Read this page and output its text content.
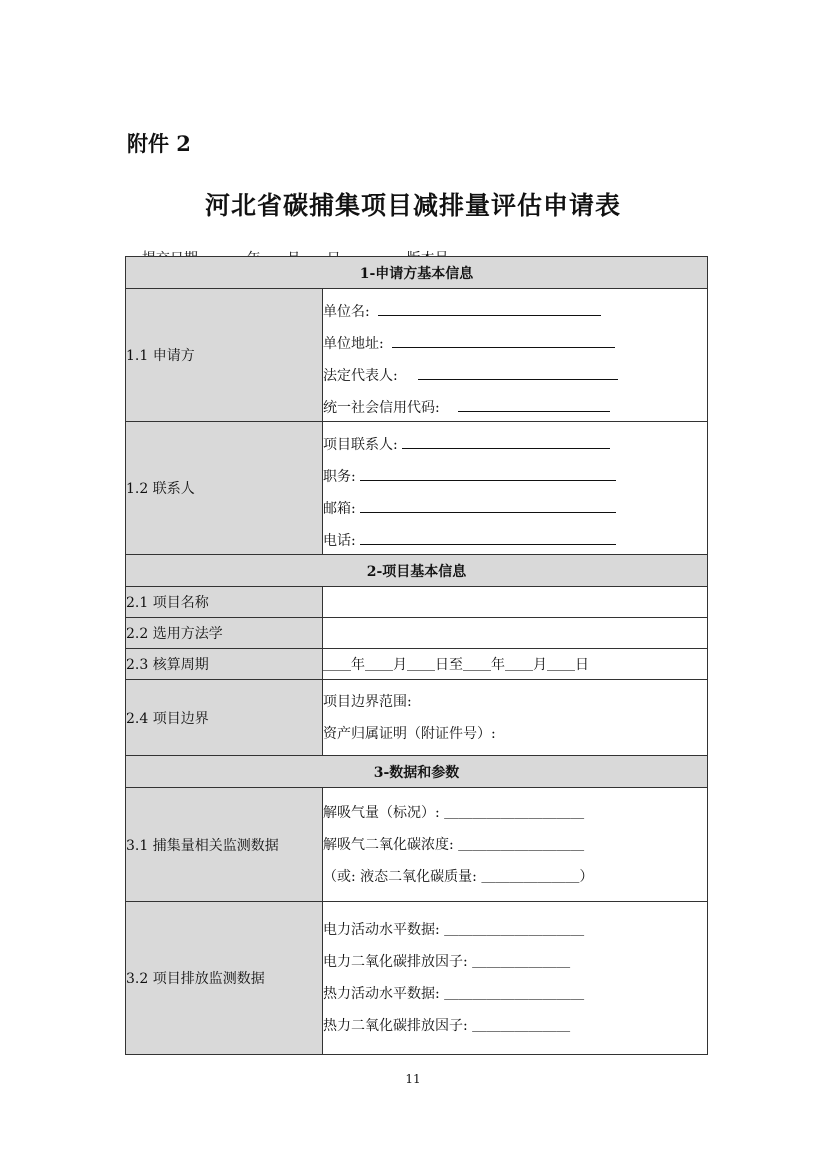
附件 2
河北省碳捕集项目减排量评估申请表

1-申请方基本信息	
1.1 申请方	单位名:
单位地址:
法定代表人:
统一社会信用代码:

1.2 联系人	项目联系人:
职务:
邮箱:
电话:

2-项目基本信息	
2.1 项目名称	
2.2 选用方法学	
2.3 核算周期	＿＿年＿＿月＿＿日至＿＿年＿＿月＿＿日
2.4 项目边界	项目边界范围:
资产归属证明（附证件号）:

3-数据和参数	
3.1 捕集量相关监测数据	解吸气量（标况）: ＿＿＿＿＿＿＿＿＿＿
解吸气二氧化碳浓度: ＿＿＿＿＿＿＿＿＿
（或: 液态二氧化碳质量: ＿＿＿＿＿＿＿）

3.2 项目排放监测数据	电力活动水平数据: ＿＿＿＿＿＿＿＿＿＿
电力二氧化碳排放因子: ＿＿＿＿＿＿＿
热力活动水平数据: ＿＿＿＿＿＿＿＿＿＿
热力二氧化碳排放因子: ＿＿＿＿＿＿＿
11
